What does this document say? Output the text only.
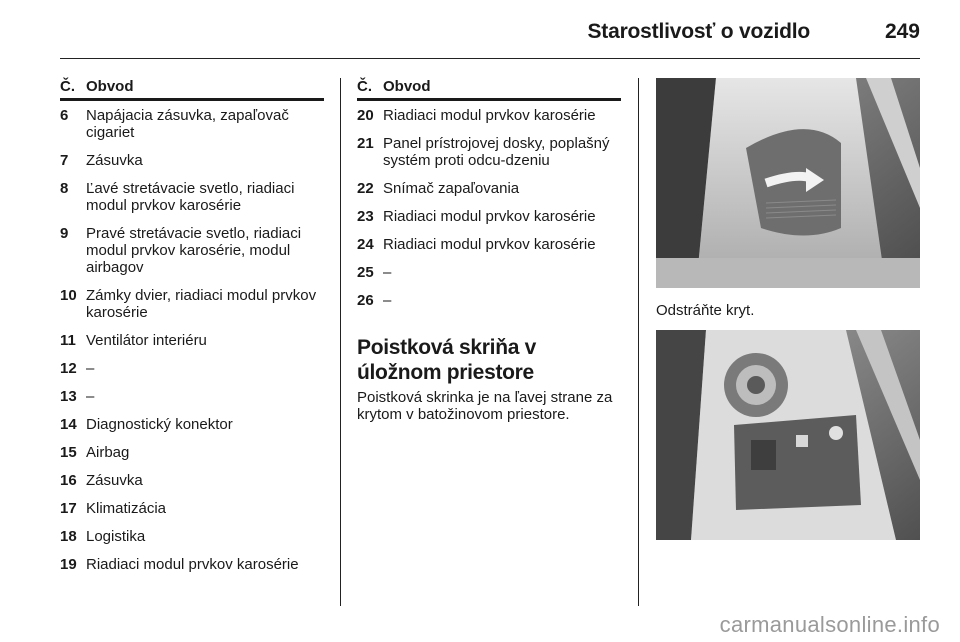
Starostlivosť o vozidlo	249
Č. Obvod
6	Napájacia zásuvka, zapaľovač cigariet
7	Zásuvka
8	Ľavé stretávacie svetlo, riadiaci modul prvkov karosérie
9	Pravé stretávacie svetlo, riadiaci modul prvkov karosérie, modul airbagov
10 Zámky dvier, riadiaci modul prvkov karosérie
11 Ventilátor interiéru
12 –
13 –
14 Diagnostický konektor
15 Airbag
16 Zásuvka
17 Klimatizácia
18 Logistika
19 Riadiaci modul prvkov karosérie
Č. Obvod
20 Riadiaci modul prvkov karosérie
21 Panel prístrojovej dosky, poplašný systém proti odcu-dzeniu
22 Snímač zapaľovania
23 Riadiaci modul prvkov karosérie
24 Riadiaci modul prvkov karosérie
25 –
26 –
Poistková skriňa v úložnom priestore
Poistková skrinka je na ľavej strane za krytom v batožinovom priestore.
Odstráňte kryt.
carmanualsonline.info
